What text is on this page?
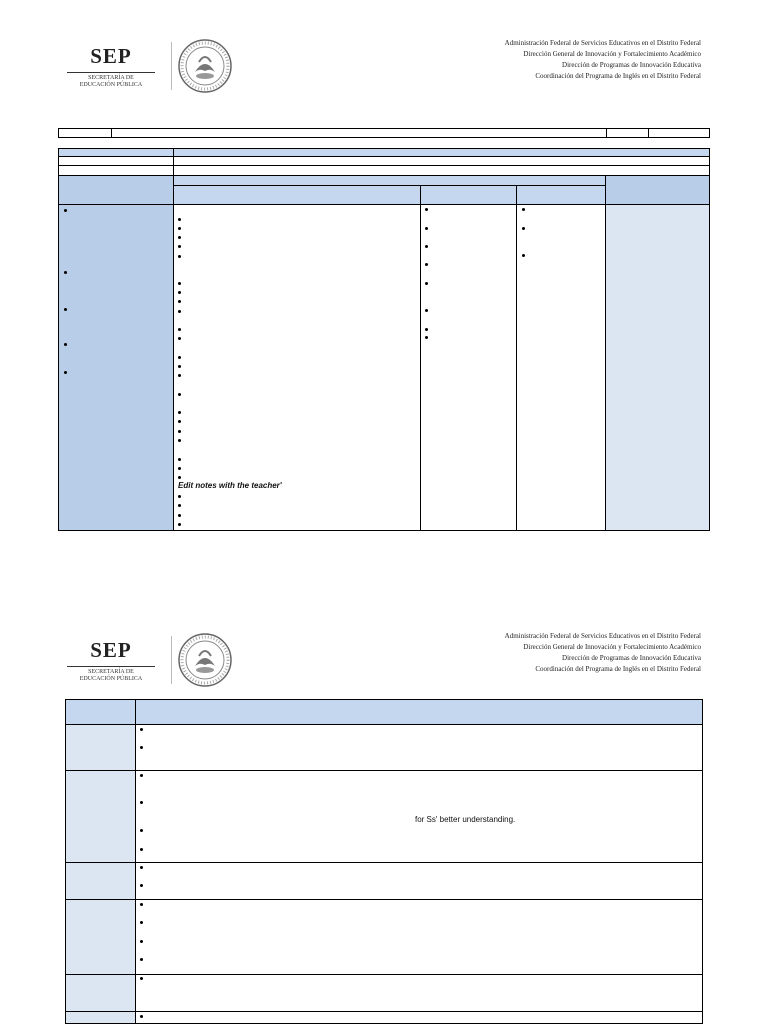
SEP
SECRETARÍA DE
EDUCACIÓN PÚBLICA
Administración Federal de Servicios Educativos en el Distrito Federal
Dirección General de Innovación y Fortalecimiento Académico
Dirección de Programas de Innovación Educativa
Coordinación del Programa de Inglés en el Distrito Federal
Edit notes with the teacher'
SEP
SECRETARÍA DE
EDUCACIÓN PÚBLICA
Administración Federal de Servicios Educativos en el Distrito Federal
Dirección General de Innovación y Fortalecimiento Académico
Dirección de Programas de Innovación Educativa
Coordinación del Programa de Inglés en el Distrito Federal
for Ss' better understanding.
